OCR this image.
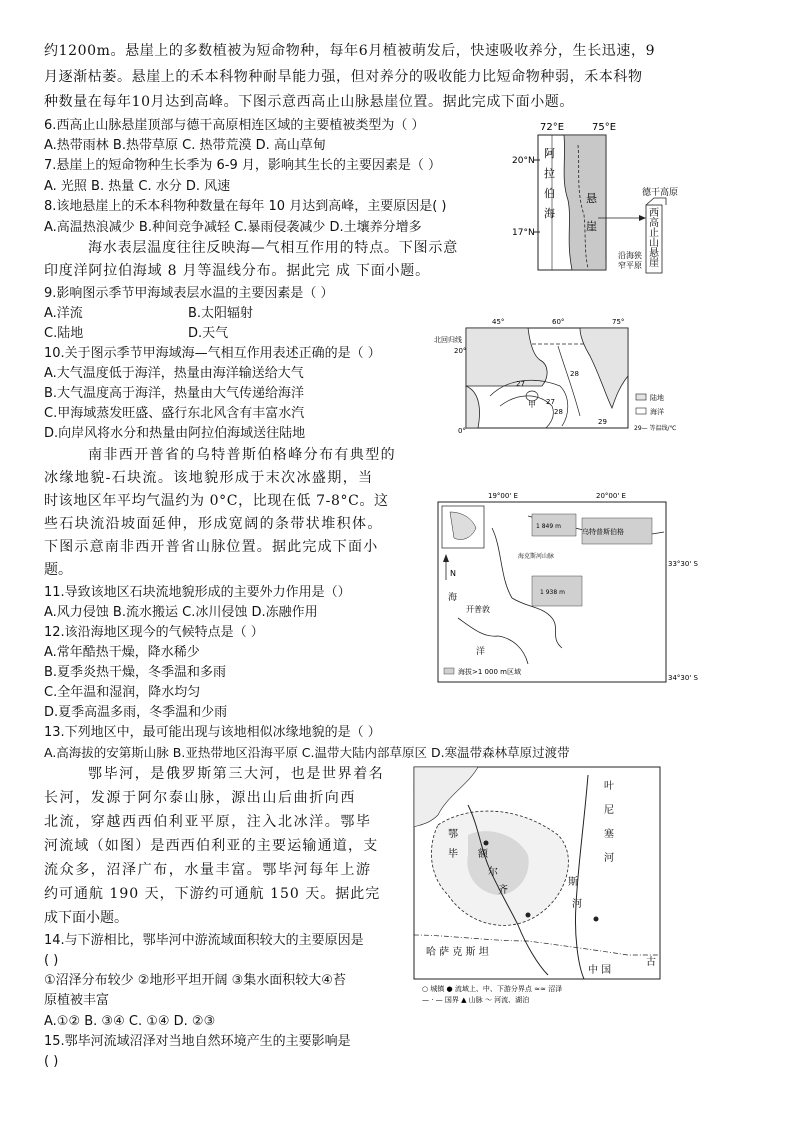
约1200m。悬崖上的多数植被为短命物种，每年6月植被萌发后，快速吸收养分，生长迅速，9
月逐渐枯萎。悬崖上的禾本科物种耐旱能力强，但对养分的吸收能力比短命物种弱，禾本科物
种数量在每年10月达到高峰。下图示意西高止山脉悬崖位置。据此完成下面小题。
6.西高止山脉悬崖顶部与德干高原相连区域的主要植被类型为（ ）
A.热带雨林 B.热带草原 C. 热带荒漠 D. 高山草甸
7.悬崖上的短命物种生长季为 6-9 月，影响其生长的主要因素是（ ）
A. 光照 B. 热量 C. 水分 D. 风速
8.该地悬崖上的禾本科物种数量在每年 10 月达到高峰，主要原因是( )
A.高温热浪减少 B.种间竞争减轻 C.暴雨侵袭减少 D.土壤养分增多
海水表层温度往往反映海—气相互作用的特点。下图示意
印度洋阿拉伯海域 8 月等温线分布。据此完 成 下面小题。
9.影响图示季节甲海域表层水温的主要因素是（ ）
A.洋流	B.太阳辐射
C.陆地	D.天气
10.关于图示季节甲海域海—气相互作用表述正确的是（ ）
A.大气温度低于海洋，热量由海洋输送给大气
B.大气温度高于海洋，热量由大气传递给海洋
C.甲海域蒸发旺盛、盛行东北风含有丰富水汽
D.向岸风将水分和热量由阿拉伯海域送往陆地
南非西开普省的乌特普斯伯格峰分布有典型的
冰缘地貌-石块流。该地貌形成于末次冰盛期，当
时该地区年平均气温约为 0°C，比现在低 7-8°C。这
些石块流沿坡面延伸，形成宽阔的条带状堆积体。
下图示意南非西开普省山脉位置。据此完成下面小
题。
11.导致该地区石块流地貌形成的主要外力作用是（）
A.风力侵蚀 B.流水搬运 C.冰川侵蚀 D.冻融作用
12.该沿海地区现今的气候特点是（ ）
A.常年酷热干燥，降水稀少
B.夏季炎热干燥，冬季温和多雨
C.全年温和湿润，降水均匀
D.夏季高温多雨，冬季温和少雨
13.下列地区中，最可能出现与该地相似冰缘地貌的是（ ）
A.高海拔的安第斯山脉 B.亚热带地区沿海平原 C.温带大陆内部草原区 D.寒温带森林草原过渡带
鄂毕河，是俄罗斯第三大河，也是世界着名
长河，发源于阿尔泰山脉，源出山后曲折向西
北流，穿越西西伯利亚平原，注入北冰洋。鄂毕
河流域（如图）是西西伯利亚的主要运输通道，支
流众多，沼泽广布，水量丰富。鄂毕河每年上游
约可通航 190 天，下游约可通航 150 天。据此完
成下面小题。
14.与下游相比，鄂毕河中游流域面积较大的主要原因是
( )
①沼泽分布较少 ②地形平坦开阔 ③集水面积较大④苔
原植被丰富
A.①② B. ③④ C. ①④ D. ②③
15.鄂毕河流域沼泽对当地自然环境产生的主要影响是
( )
72°E	75°E
20°N
17°N
阿
拉
伯
海
悬
崖
德干高原
西
高
止
山
悬
崖
沿海狭
窄平原
45°	60°	75°
北回归线
20°
0°
甲
27
28
29
27
28
陆地
海洋
29— 等温线/℃
19°00' E	20°00' E
N
1 849 m
乌特普斯伯格
海克斯河山脉
1 938 m
开普敦
海
洋
海拔>1 000 m区域
33°30' S
34°30' S
叶
尼
塞
河
鄂
毕 额
尔
齐
斯
河
哈 萨 克 斯 坦
中 国
古
○ 城镇 ● 流域上、中、下游分界点 ≈≈ 沼泽
— · — 国界 ▲ 山脉 ～ 河流、湖泊
